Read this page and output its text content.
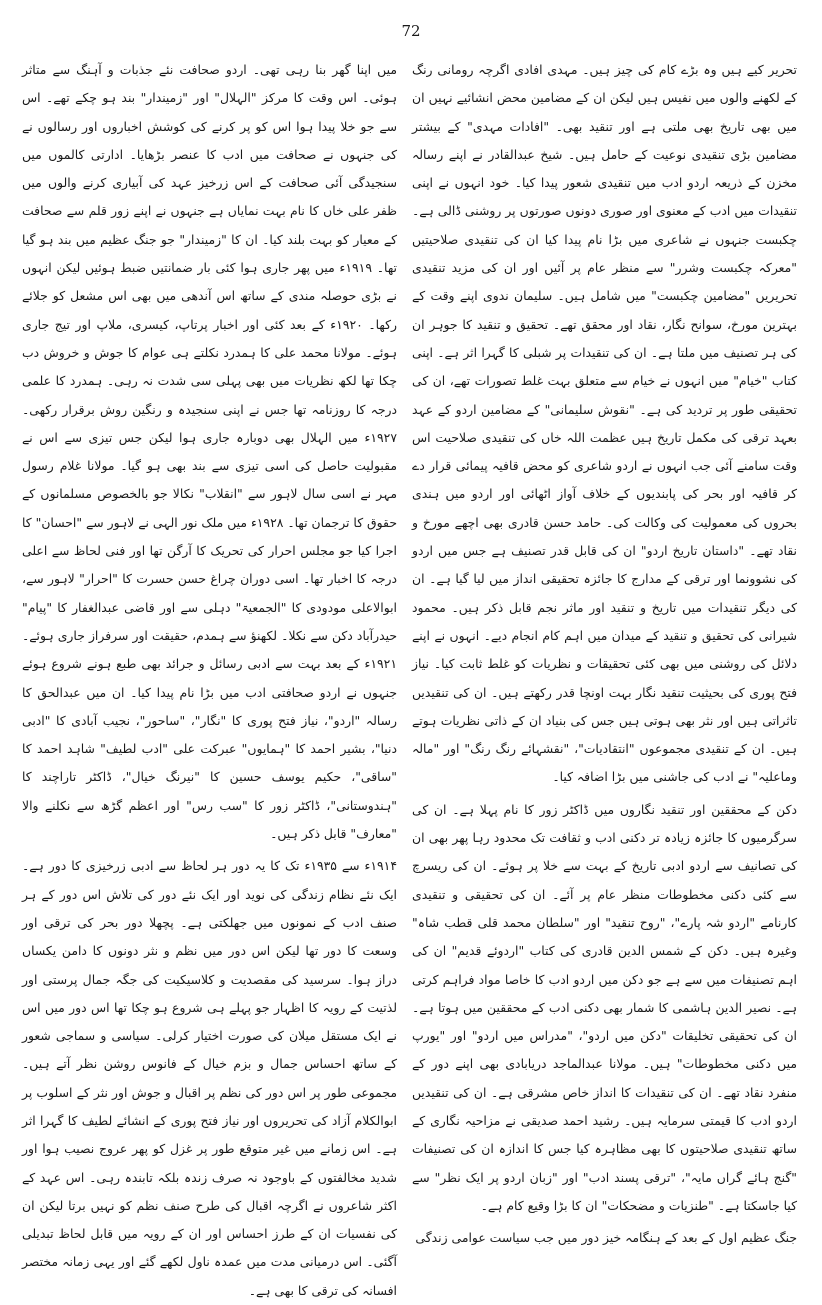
72

تحریر کیے ہیں وہ بڑے کام کی چیز ہیں۔ مہدی افادی اگرچہ رومانی رنگ کے لکھنے والوں میں نفیس ہیں لیکن ان کے مضامین محض انشائیے نہیں ان میں بھی تاریخ بھی ملتی ہے اور تنقید بھی۔ "افادات مہدی" کے بیشتر مضامین بڑی تنقیدی نوعیت کے حامل ہیں۔ شیخ عبدالقادر نے اپنے رسالہ مخزن کے ذریعہ اردو ادب میں تنقیدی شعور پیدا کیا۔ خود انہوں نے اپنی تنقیدات میں ادب کے معنوی اور صوری دونوں صورتوں پر روشنی ڈالی ہے۔ چکبست جنہوں نے شاعری میں بڑا نام پیدا کیا ان کی تنقیدی صلاحیتیں "معرکہ چکبست وشرر" سے منظر عام پر آئیں اور ان کی مزید تنقیدی تحریریں "مضامین چکبست" میں شامل ہیں۔ سلیمان ندوی اپنے وقت کے بہترین مورخ، سوانح نگار، نقاد اور محقق تھے۔ تحقیق و تنقید کا جوہر ان کی ہر تصنیف میں ملتا ہے۔ ان کی تنقیدات پر شبلی کا گہرا اثر ہے۔ اپنی کتاب "خیام" میں انہوں نے خیام سے متعلق بہت غلط تصورات تھے، ان کی تحقیقی طور پر تردید کی ہے۔ "نقوش سلیمانی" کے مضامین اردو کے عہد بعہد ترقی کی مکمل تاریخ ہیں عظمت اللہ خاں کی تنقیدی صلاحیت اس وقت سامنے آئی جب انہوں نے اردو شاعری کو محض قافیہ پیمائی قرار دے کر قافیہ اور بحر کی پابندیوں کے خلاف آواز اٹھائی اور اردو میں ہندی بحروں کی معمولیت کی وکالت کی۔ حامد حسن قادری بھی اچھے مورخ و نقاد تھے۔ "داستان تاریخ اردو" ان کی قابل قدر تصنیف ہے جس میں اردو کی نشوونما اور ترقی کے مدارج کا جائزہ تحقیقی انداز میں لیا گیا ہے۔ ان کی دیگر تنقیدات میں تاریخ و تنقید اور ماثر نجم قابل ذکر ہیں۔ محمود شیرانی کی تحقیق و تنقید کے میدان میں اہم کام انجام دیے۔ انہوں نے اپنے دلائل کی روشنی میں بھی کئی تحقیقات و نظریات کو غلط ثابت کیا۔ نیاز فتح پوری کی بحیثیت تنقید نگار بہت اونچا قدر رکھتے ہیں۔ ان کی تنقیدیں تاثراتی ہیں اور نثر بھی ہوتی ہیں جس کی بنیاد ان کے ذاتی نظریات ہوتے ہیں۔ ان کے تنقیدی مجموعوں "انتقادیات"، "نقشہائے رنگ رنگ" اور "مالہ وماعلیہ" نے ادب کی جاشنی میں بڑا اضافہ کیا۔

دکن کے محققین اور تنقید نگاروں میں ڈاکٹر زور کا نام پہلا ہے۔ ان کی سرگرمیوں کا جائزہ زیادہ تر دکنی ادب و ثقافت تک محدود رہا پھر بھی ان کی تصانیف سے اردو ادبی تاریخ کے بہت سے خلا پر ہوئے۔ ان کی ریسرچ سے کئی دکنی مخطوطات منظر عام پر آئے۔ ان کی تحقیقی و تنقیدی کارنامے "اردو شہ پارے"، "روح تنقید" اور "سلطان محمد قلی قطب شاہ" وغیرہ ہیں۔ دکن کے شمس الدین قادری کی کتاب "اردوئے قدیم" ان کی اہم تصنیفات میں سے ہے جو دکن میں اردو ادب کا خاصا مواد فراہم کرتی ہے۔ نصیر الدین ہاشمی کا شمار بھی دکنی ادب کے محققین میں ہوتا ہے۔ ان کی تحقیقی تخلیقات "دکن میں اردو"، "مدراس میں اردو" اور "یورپ میں دکنی مخطوطات" ہیں۔ مولانا عبدالماجد دریابادی بھی اپنے دور کے منفرد نقاد تھے۔ ان کی تنقیدات کا انداز خاص مشرقی ہے۔ ان کی تنقیدیں اردو ادب کا قیمتی سرمایہ ہیں۔ رشید احمد صدیقی نے مزاحیہ نگاری کے ساتھ تنقیدی صلاحیتوں کا بھی مظاہرہ کیا جس کا اندازہ ان کی تصنیفات "گنج ہائے گراں مایہ"، "ترقی پسند ادب" اور "زبان اردو پر ایک نظر" سے کیا جاسکتا ہے۔ "طنزیات و مضحکات" ان کا بڑا وقیع کام ہے۔

جنگ عظیم اول کے بعد کے ہنگامہ خیز دور میں جب سیاست عوامی زندگی

میں اپنا گھر بنا رہی تھی۔ اردو صحافت نئے جذبات و آہنگ سے متاثر ہوئی۔ اس وقت کا مرکز "الہلال" اور "زمیندار" بند ہو چکے تھے۔ اس سے جو خلا پیدا ہوا اس کو پر کرنے کی کوشش اخباروں اور رسالوں نے کی جنہوں نے صحافت میں ادب کا عنصر بڑھایا۔ ادارتی کالموں میں سنجیدگی آئی صحافت کے اس زرخیز عہد کی آبیاری کرنے والوں میں ظفر علی خاں کا نام بہت نمایاں ہے جنہوں نے اپنے زور قلم سے صحافت کے معیار کو بہت بلند کیا۔ ان کا "زمیندار" جو جنگ عظیم میں بند ہو گیا تھا۔ ۱۹۱۹ء میں پھر جاری ہوا کئی بار ضمانتیں ضبط ہوئیں لیکن انہوں نے بڑی حوصلہ مندی کے ساتھ اس آندھی میں بھی اس مشعل کو جلائے رکھا۔ ۱۹۲۰ء کے بعد کئی اور اخبار پرتاپ، کیسری، ملاپ اور تیج جاری ہوئے۔ مولانا محمد علی کا ہمدرد نکلتے ہی عوام کا جوش و خروش دب چکا تھا لکھ نظریات میں بھی پہلی سی شدت نہ رہی۔ ہمدرد کا علمی درجہ کا روزنامہ تھا جس نے اپنی سنجیدہ و رنگین روش برقرار رکھی۔ ۱۹۲۷ء میں الہلال بھی دوبارہ جاری ہوا لیکن جس تیزی سے اس نے مقبولیت حاصل کی اسی تیزی سے بند بھی ہو گیا۔ مولانا غلام رسول مہر نے اسی سال لاہور سے "انقلاب" نکالا جو بالخصوص مسلمانوں کے حقوق کا ترجمان تھا۔ ۱۹۲۸ء میں ملک نور الہی نے لاہور سے "احسان" کا اجرا کیا جو مجلس احرار کی تحریک کا آرگن تھا اور فنی لحاظ سے اعلی درجہ کا اخبار تھا۔ اسی دوران چراغ حسن حسرت کا "احرار" لاہور سے، ابوالاعلی مودودی کا "الجمعیۃ" دہلی سے اور قاضی عبدالغفار کا "پیام" حیدرآباد دکن سے نکلا۔ لکھنؤ سے ہمدم، حقیقت اور سرفراز جاری ہوئے۔ ۱۹۲۱ء کے بعد بہت سے ادبی رسائل و جرائد بھی طبع ہونے شروع ہوئے جنہوں نے اردو صحافتی ادب میں بڑا نام پیدا کیا۔ ان میں عبدالحق کا رسالہ "اردو"، نیاز فتح پوری کا "نگار"، "ساحور"، نجیب آبادی کا "ادبی دنیا"، بشیر احمد کا "ہمایوں" عبرکت علی "ادب لطیف" شاہد احمد کا "ساقی"، حکیم یوسف حسین کا "نیرنگ خیال"، ڈاکٹر تاراچند کا "ہندوستانی"، ڈاکٹر زور کا "سب رس" اور اعظم گڑھ سے نکلنے والا "معارف" قابل ذکر ہیں۔

۱۹۱۴ء سے ۱۹۳۵ء تک کا یہ دور ہر لحاظ سے ادبی زرخیزی کا دور ہے۔ ایک نئے نظام زندگی کی نوید اور ایک نئے دور کی تلاش اس دور کے ہر صنف ادب کے نمونوں میں جھلکتی ہے۔ پچھلا دور بحر کی ترقی اور وسعت کا دور تھا لیکن اس دور میں نظم و نثر دونوں کا دامن یکساں دراز ہوا۔ سرسید کی مقصدیت و کلاسیکیت کی جگہ جمال پرستی اور لذتیت کے رویہ کا اظہار جو پہلے ہی شروع ہو چکا تھا اس دور میں اس نے ایک مستقل میلان کی صورت اختیار کرلی۔ سیاسی و سماجی شعور کے ساتھ احساس جمال و بزم خیال کے فانوس روشن نظر آتے ہیں۔ مجموعی طور پر اس دور کی نظم پر اقبال و جوش اور نثر کے اسلوب پر ابوالکلام آزاد کی تحریروں اور نیاز فتح پوری کے انشائے لطیف کا گہرا اثر ہے۔ اس زمانے میں غیر متوقع طور پر غزل کو پھر عروج نصیب ہوا اور شدید مخالفتوں کے باوجود نہ صرف زندہ بلکہ تابندہ رہی۔ اس عہد کے اکثر شاعروں نے اگرچہ اقبال کی طرح صنف نظم کو نہیں برتا لیکن ان کی نفسیات ان کے طرز احساس اور ان کے رویہ میں قابل لحاظ تبدیلی آگئی۔ اس درمیانی مدت میں عمدہ ناول لکھے گئے اور یہی زمانہ مختصر افسانہ کی ترقی کا بھی ہے۔
